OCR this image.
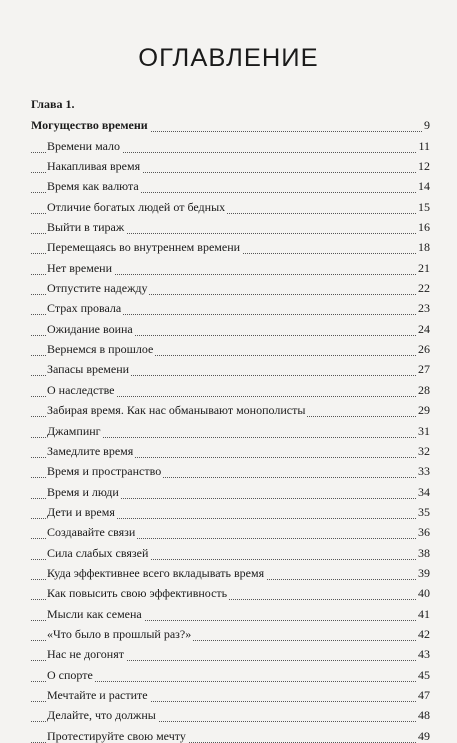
ОГЛАВЛЕНИЕ
Глава 1.
Могущество времени	9
Времени мало	11
Накапливая время	12
Время как валюта	14
Отличие богатых людей от бедных	15
Выйти в тираж	16
Перемещаясь во внутреннем времени	18
Нет времени	21
Отпустите надежду	22
Страх провала	23
Ожидание воина	24
Вернемся в прошлое	26
Запасы времени	27
О наследстве	28
Забирая время. Как нас обманывают монополисты	29
Джампинг	31
Замедлите время	32
Время и пространство	33
Время и люди	34
Дети и время	35
Создавайте связи	36
Сила слабых связей	38
Куда эффективнее всего вкладывать время	39
Как повысить свою эффективность	40
Мысли как семена	41
«Что было в прошлый раз?»	42
Нас не догонят	43
О спорте	45
Мечтайте и растите	47
Делайте, что должны	48
Протестируйте свою мечту	49
